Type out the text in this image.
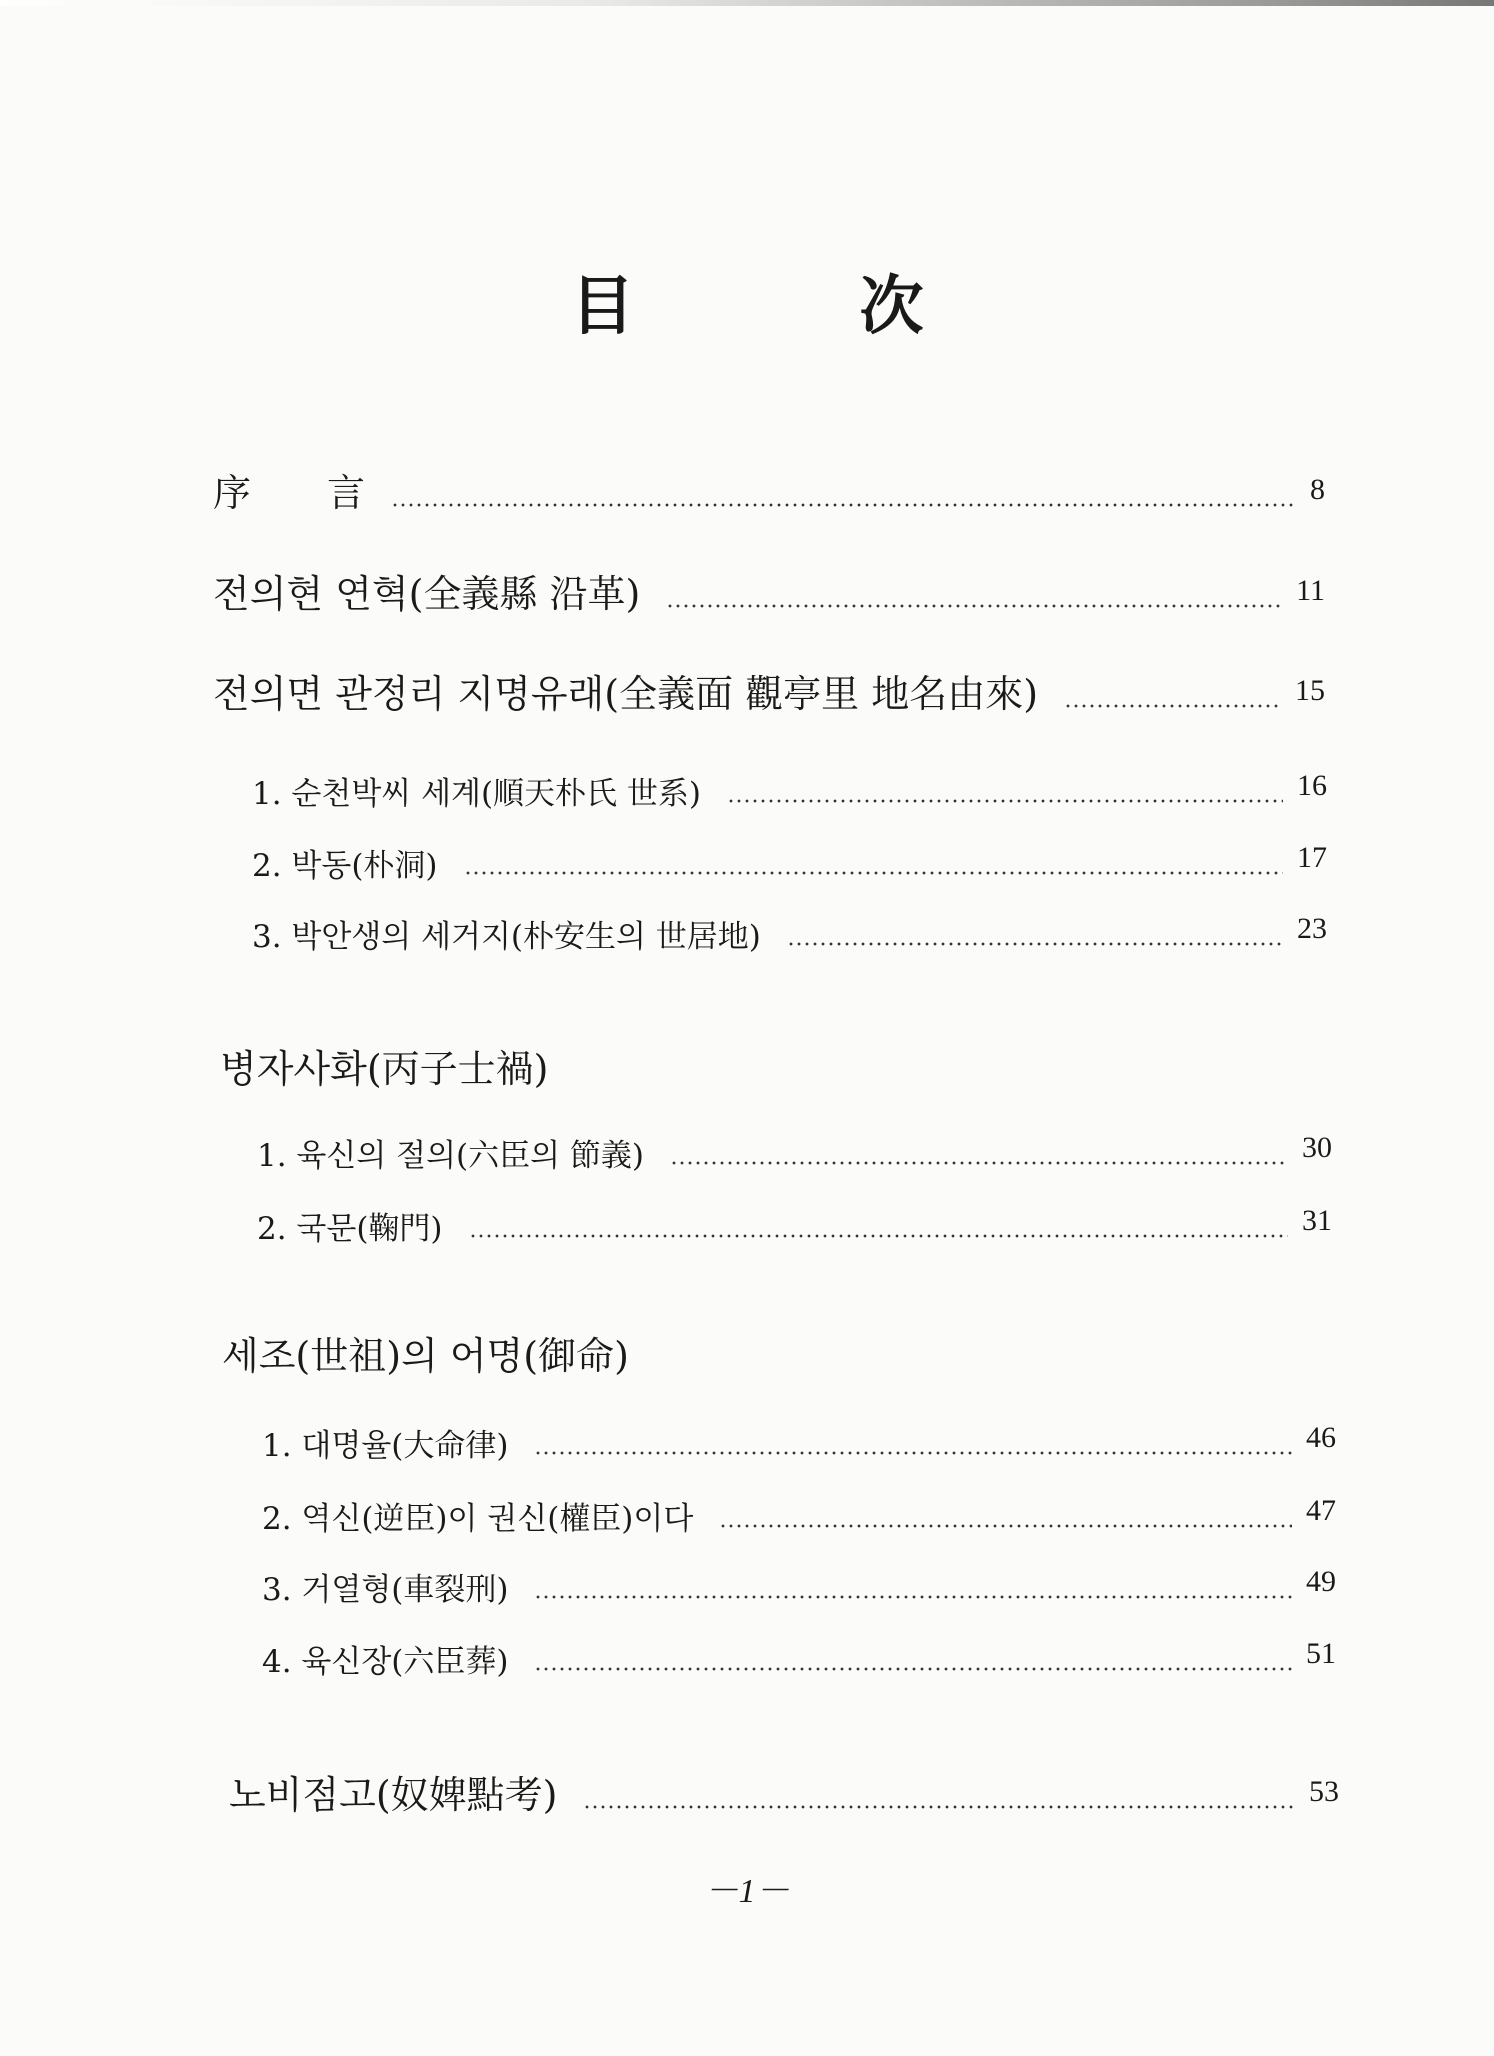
目	次
序　　言	8
전의현 연혁(全義縣 沿革)	11
전의면 관정리 지명유래(全義面 觀亭里 地名由來)	15
1. 순천박씨 세계(順天朴氏 世系)	16
2. 박동(朴洞)	17
3. 박안생의 세거지(朴安生의 世居地)	23
병자사화(丙子士禍)
1. 육신의 절의(六臣의 節義)	30
2. 국문(鞠門)	31
세조(世祖)의 어명(御命)
1. 대명율(大命律)	46
2. 역신(逆臣)이 권신(權臣)이다	47
3. 거열형(車裂刑)	49
4. 육신장(六臣葬)	51
노비점고(奴婢點考)	53
－1－
